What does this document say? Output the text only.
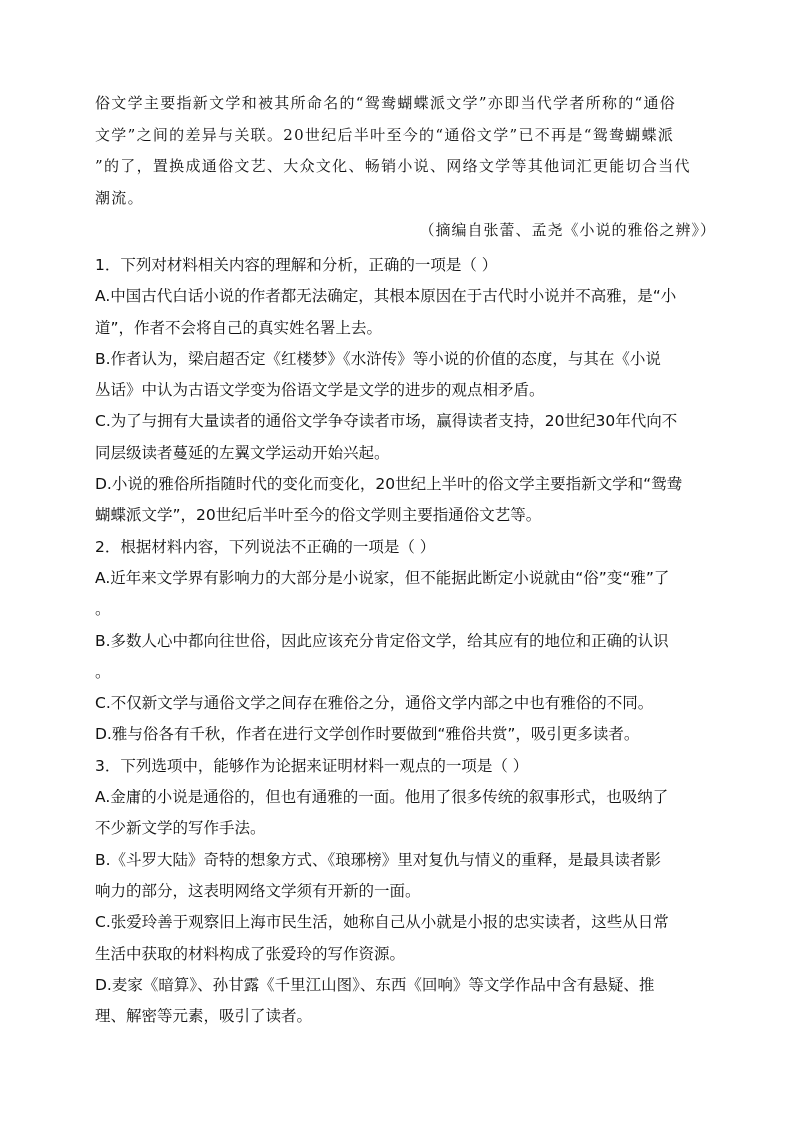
俗文学主要指新文学和被其所命名的“鸳鸯蝴蝶派文学”亦即当代学者所称的“通俗
文学”之间的差异与关联。20世纪后半叶至今的“通俗文学”已不再是“鸳鸯蝴蝶派
”的了，置换成通俗文艺、大众文化、畅销小说、网络文学等其他词汇更能切合当代
潮流。
（摘编自张蕾、孟尧《小说的雅俗之辨》）
1．下列对材料相关内容的理解和分析，正确的一项是（ ）
A.中国古代白话小说的作者都无法确定，其根本原因在于古代时小说并不高雅，是“小
道”，作者不会将自己的真实姓名署上去。
B.作者认为，梁启超否定《红楼梦》《水浒传》等小说的价值的态度，与其在《小说
丛话》中认为古语文学变为俗语文学是文学的进步的观点相矛盾。
C.为了与拥有大量读者的通俗文学争夺读者市场，赢得读者支持，20世纪30年代向不
同层级读者蔓延的左翼文学运动开始兴起。
D.小说的雅俗所指随时代的变化而变化，20世纪上半叶的俗文学主要指新文学和“鸳鸯
蝴蝶派文学”，20世纪后半叶至今的俗文学则主要指通俗文艺等。
2．根据材料内容，下列说法不正确的一项是（ ）
A.近年来文学界有影响力的大部分是小说家，但不能据此断定小说就由“俗”变“雅”了
。
B.多数人心中都向往世俗，因此应该充分肯定俗文学，给其应有的地位和正确的认识
。
C.不仅新文学与通俗文学之间存在雅俗之分，通俗文学内部之中也有雅俗的不同。
D.雅与俗各有千秋，作者在进行文学创作时要做到“雅俗共赏”，吸引更多读者。
3．下列选项中，能够作为论据来证明材料一观点的一项是（ ）
A.金庸的小说是通俗的，但也有通雅的一面。他用了很多传统的叙事形式，也吸纳了
不少新文学的写作手法。
B.《斗罗大陆》奇特的想象方式、《琅琊榜》里对复仇与情义的重释，是最具读者影
响力的部分，这表明网络文学须有开新的一面。
C.张爱玲善于观察旧上海市民生活，她称自己从小就是小报的忠实读者，这些从日常
生活中获取的材料构成了张爱玲的写作资源。
D.麦家《暗算》、孙甘露《千里江山图》、东西《回响》等文学作品中含有悬疑、推
理、解密等元素，吸引了读者。
